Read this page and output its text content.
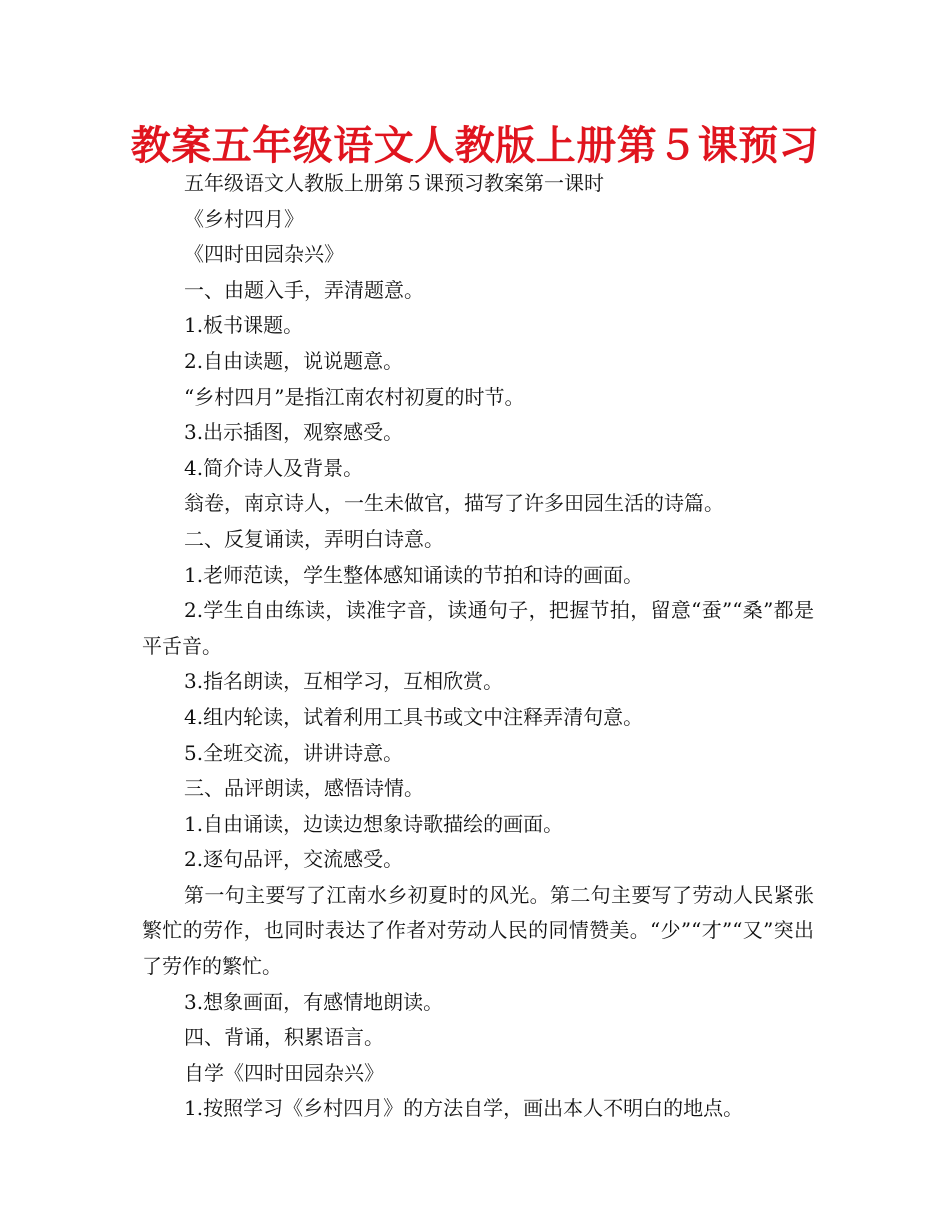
教案五年级语文人教版上册第５课预习

五年级语文人教版上册第５课预习教案第一课时

《乡村四月》

《四时田园杂兴》

一、由题入手，弄清题意。

1.板书课题。

2.自由读题，说说题意。

“乡村四月”是指江南农村初夏的时节。

3.出示插图，观察感受。

4.简介诗人及背景。

翁卷，南京诗人，一生未做官，描写了许多田园生活的诗篇。

二、反复诵读，弄明白诗意。

1.老师范读，学生整体感知诵读的节拍和诗的画面。

2.学生自由练读，读准字音，读通句子，把握节拍，留意“蚕”“桑”都是平舌音。

3.指名朗读，互相学习，互相欣赏。

4.组内轮读，试着利用工具书或文中注释弄清句意。

5.全班交流，讲讲诗意。

三、品评朗读，感悟诗情。

1.自由诵读，边读边想象诗歌描绘的画面。

2.逐句品评，交流感受。

第一句主要写了江南水乡初夏时的风光。第二句主要写了劳动人民紧张繁忙的劳作，也同时表达了作者对劳动人民的同情赞美。“少”“才”“又”突出了劳作的繁忙。

3.想象画面，有感情地朗读。

四、背诵，积累语言。

自学《四时田园杂兴》

1.按照学习《乡村四月》的方法自学，画出本人不明白的地点。
